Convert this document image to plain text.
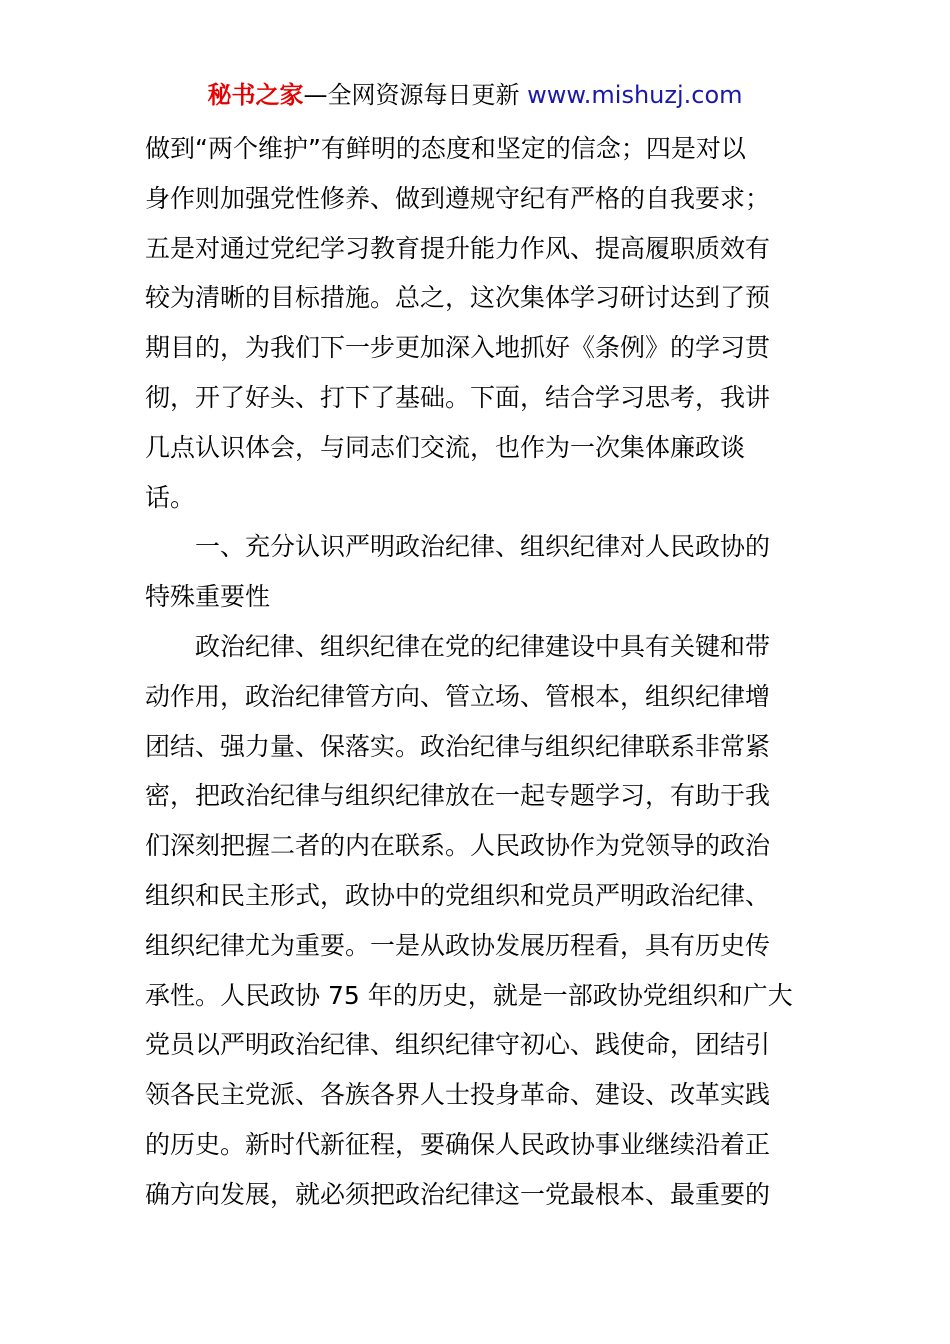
秘书之家—全网资源每日更新 www.mishuzj.com
做到“两个维护”有鲜明的态度和坚定的信念；四是对以
身作则加强党性修养、做到遵规守纪有严格的自我要求；
五是对通过党纪学习教育提升能力作风、提高履职质效有
较为清晰的目标措施。总之，这次集体学习研讨达到了预
期目的，为我们下一步更加深入地抓好《条例》的学习贯
彻，开了好头、打下了基础。下面，结合学习思考，我讲
几点认识体会，与同志们交流，也作为一次集体廉政谈
话。
一、充分认识严明政治纪律、组织纪律对人民政协的
特殊重要性
政治纪律、组织纪律在党的纪律建设中具有关键和带
动作用，政治纪律管方向、管立场、管根本，组织纪律增
团结、强力量、保落实。政治纪律与组织纪律联系非常紧
密，把政治纪律与组织纪律放在一起专题学习，有助于我
们深刻把握二者的内在联系。人民政协作为党领导的政治
组织和民主形式，政协中的党组织和党员严明政治纪律、
组织纪律尤为重要。一是从政协发展历程看，具有历史传
承性。人民政协 75 年的历史，就是一部政协党组织和广大
党员以严明政治纪律、组织纪律守初心、践使命，团结引
领各民主党派、各族各界人士投身革命、建设、改革实践
的历史。新时代新征程，要确保人民政协事业继续沿着正
确方向发展，就必须把政治纪律这一党最根本、最重要的
